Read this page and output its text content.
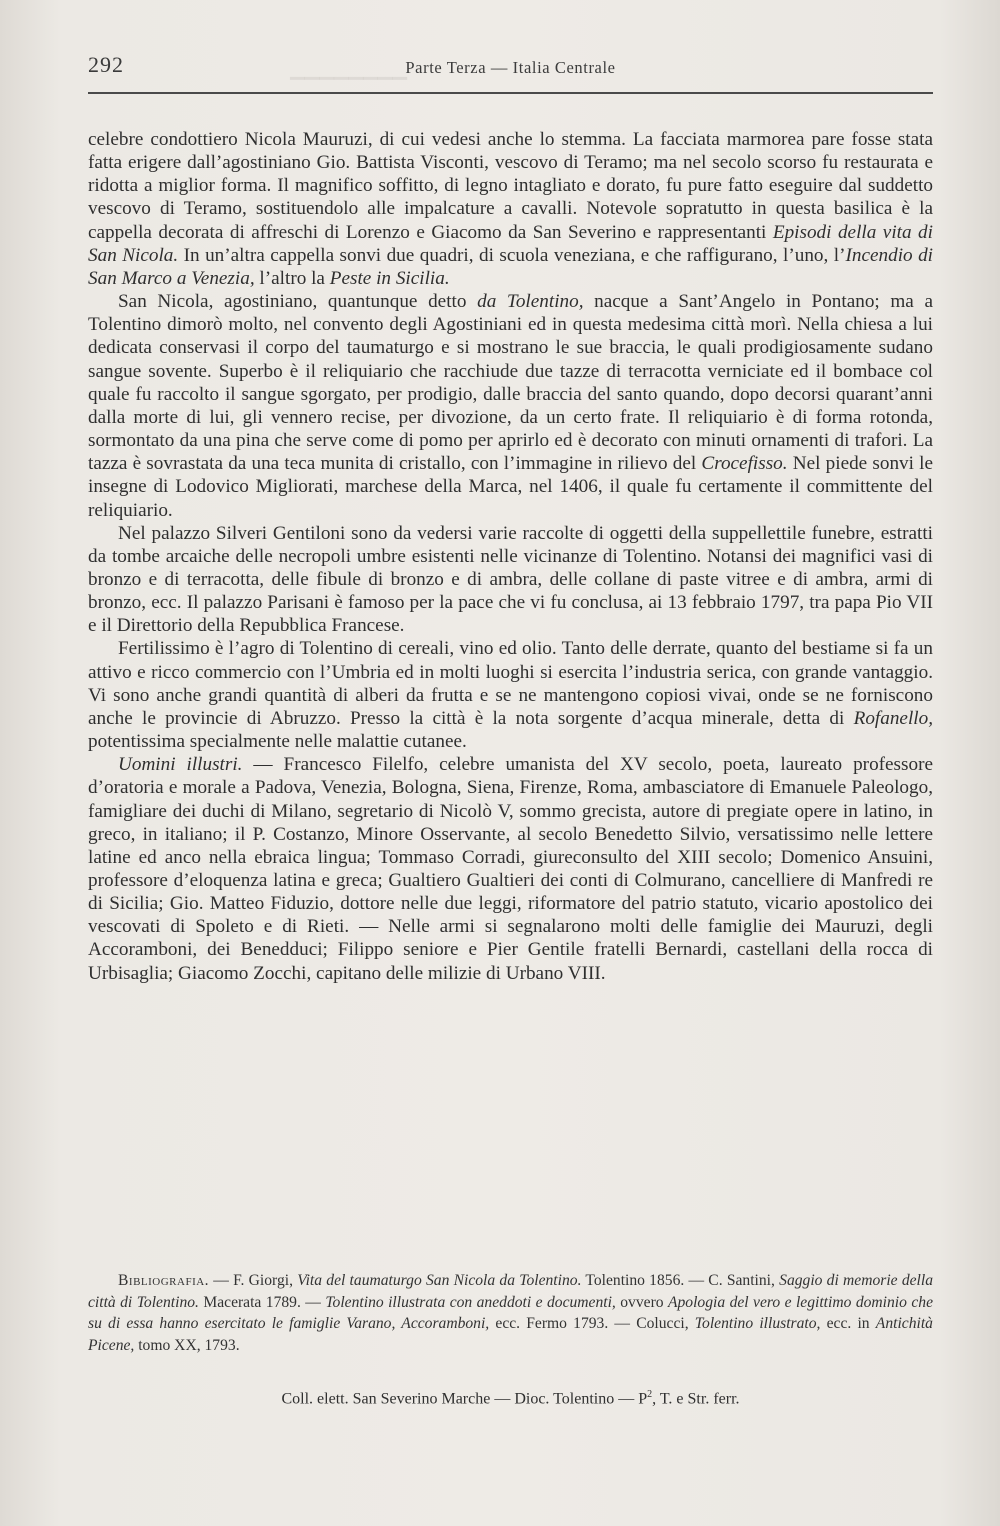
▁▁▁▁▁▁▁▁
292	Parte Terza — Italia Centrale

celebre condottiero Nicola Mauruzi, di cui vedesi anche lo stemma. La facciata marmorea pare fosse stata fatta erigere dall’agostiniano Gio. Battista Visconti, vescovo di Teramo; ma nel secolo scorso fu restaurata e ridotta a miglior forma. Il magnifico soffitto, di legno intagliato e dorato, fu pure fatto eseguire dal suddetto vescovo di Teramo, sostituendolo alle impalcature a cavalli. Notevole sopratutto in questa basilica è la cappella decorata di affreschi di Lorenzo e Giacomo da San Severino e rappresentanti Episodi della vita di San Nicola. In un’altra cappella sonvi due quadri, di scuola veneziana, e che raffigurano, l’uno, l’Incendio di San Marco a Venezia, l’altro la Peste in Sicilia.

San Nicola, agostiniano, quantunque detto da Tolentino, nacque a Sant’Angelo in Pontano; ma a Tolentino dimorò molto, nel convento degli Agostiniani ed in questa medesima città morì. Nella chiesa a lui dedicata conservasi il corpo del taumaturgo e si mostrano le sue braccia, le quali prodigiosamente sudano sangue sovente. Superbo è il reliquiario che racchiude due tazze di terracotta verniciate ed il bombace col quale fu raccolto il sangue sgorgato, per prodigio, dalle braccia del santo quando, dopo decorsi quarant’anni dalla morte di lui, gli vennero recise, per divozione, da un certo frate. Il reliquiario è di forma rotonda, sormontato da una pina che serve come di pomo per aprirlo ed è decorato con minuti ornamenti di trafori. La tazza è sovrastata da una teca munita di cristallo, con l’immagine in rilievo del Crocefisso. Nel piede sonvi le insegne di Lodovico Migliorati, marchese della Marca, nel 1406, il quale fu certamente il committente del reliquiario.

Nel palazzo Silveri Gentiloni sono da vedersi varie raccolte di oggetti della suppellettile funebre, estratti da tombe arcaiche delle necropoli umbre esistenti nelle vicinanze di Tolentino. Notansi dei magnifici vasi di bronzo e di terracotta, delle fibule di bronzo e di ambra, delle collane di paste vitree e di ambra, armi di bronzo, ecc. Il palazzo Parisani è famoso per la pace che vi fu conclusa, ai 13 febbraio 1797, tra papa Pio VII e il Direttorio della Repubblica Francese.

Fertilissimo è l’agro di Tolentino di cereali, vino ed olio. Tanto delle derrate, quanto del bestiame si fa un attivo e ricco commercio con l’Umbria ed in molti luoghi si esercita l’industria serica, con grande vantaggio. Vi sono anche grandi quantità di alberi da frutta e se ne mantengono copiosi vivai, onde se ne forniscono anche le provincie di Abruzzo. Presso la città è la nota sorgente d’acqua minerale, detta di Rofanello, potentissima specialmente nelle malattie cutanee.

Uomini illustri. — Francesco Filelfo, celebre umanista del XV secolo, poeta, laureato professore d’oratoria e morale a Padova, Venezia, Bologna, Siena, Firenze, Roma, ambasciatore di Emanuele Paleologo, famigliare dei duchi di Milano, segretario di Nicolò V, sommo grecista, autore di pregiate opere in latino, in greco, in italiano; il P. Costanzo, Minore Osservante, al secolo Benedetto Silvio, versatissimo nelle lettere latine ed anco nella ebraica lingua; Tommaso Corradi, giureconsulto del XIII secolo; Domenico Ansuini, professore d’eloquenza latina e greca; Gualtiero Gualtieri dei conti di Colmurano, cancelliere di Manfredi re di Sicilia; Gio. Matteo Fiduzio, dottore nelle due leggi, riformatore del patrio statuto, vicario apostolico dei vescovati di Spoleto e di Rieti. — Nelle armi si segnalarono molti delle famiglie dei Mauruzi, degli Accoramboni, dei Benedduci; Filippo seniore e Pier Gentile fratelli Bernardi, castellani della rocca di Urbisaglia; Giacomo Zocchi, capitano delle milizie di Urbano VIII.

Bibliografia. — F. Giorgi, Vita del taumaturgo San Nicola da Tolentino. Tolentino 1856. — C. Santini, Saggio di memorie della città di Tolentino. Macerata 1789. — Tolentino illustrata con aneddoti e documenti, ovvero Apologia del vero e legittimo dominio che su di essa hanno esercitato le famiglie Varano, Accoramboni, ecc. Fermo 1793. — Colucci, Tolentino illustrato, ecc. in Antichità Picene, tomo XX, 1793.
Coll. elett. San Severino Marche — Dioc. Tolentino — $P^2$, T. e Str. ferr.
